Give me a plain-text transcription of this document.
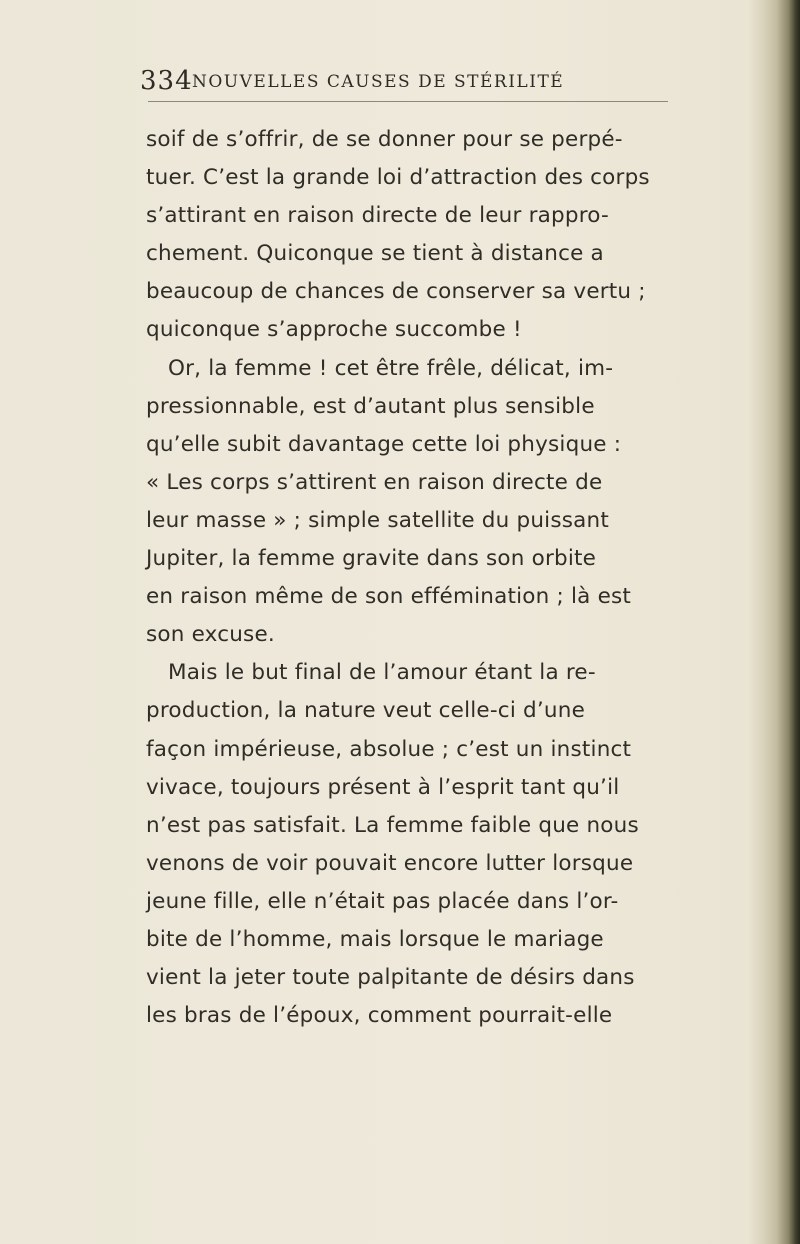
334 NOUVELLES CAUSES DE STÉRILITÉ
soif de s’offrir, de se donner pour se perpé-
tuer. C’est la grande loi d’attraction des corps
s’attirant en raison directe de leur rappro-
chement. Quiconque se tient à distance a
beaucoup de chances de conserver sa vertu ;
quiconque s’approche succombe !
Or, la femme ! cet être frêle, délicat, im-
pressionnable, est d’autant plus sensible
qu’elle subit davantage cette loi physique :
« Les corps s’attirent en raison directe de
leur masse » ; simple satellite du puissant
Jupiter, la femme gravite dans son orbite
en raison même de son effémination ; là est
son excuse.
Mais le but final de l’amour étant la re-
production, la nature veut celle-ci d’une
façon impérieuse, absolue ; c’est un instinct
vivace, toujours présent à l’esprit tant qu’il
n’est pas satisfait. La femme faible que nous
venons de voir pouvait encore lutter lorsque
jeune fille, elle n’était pas placée dans l’or-
bite de l’homme, mais lorsque le mariage
vient la jeter toute palpitante de désirs dans
les bras de l’époux, comment pourrait-elle
